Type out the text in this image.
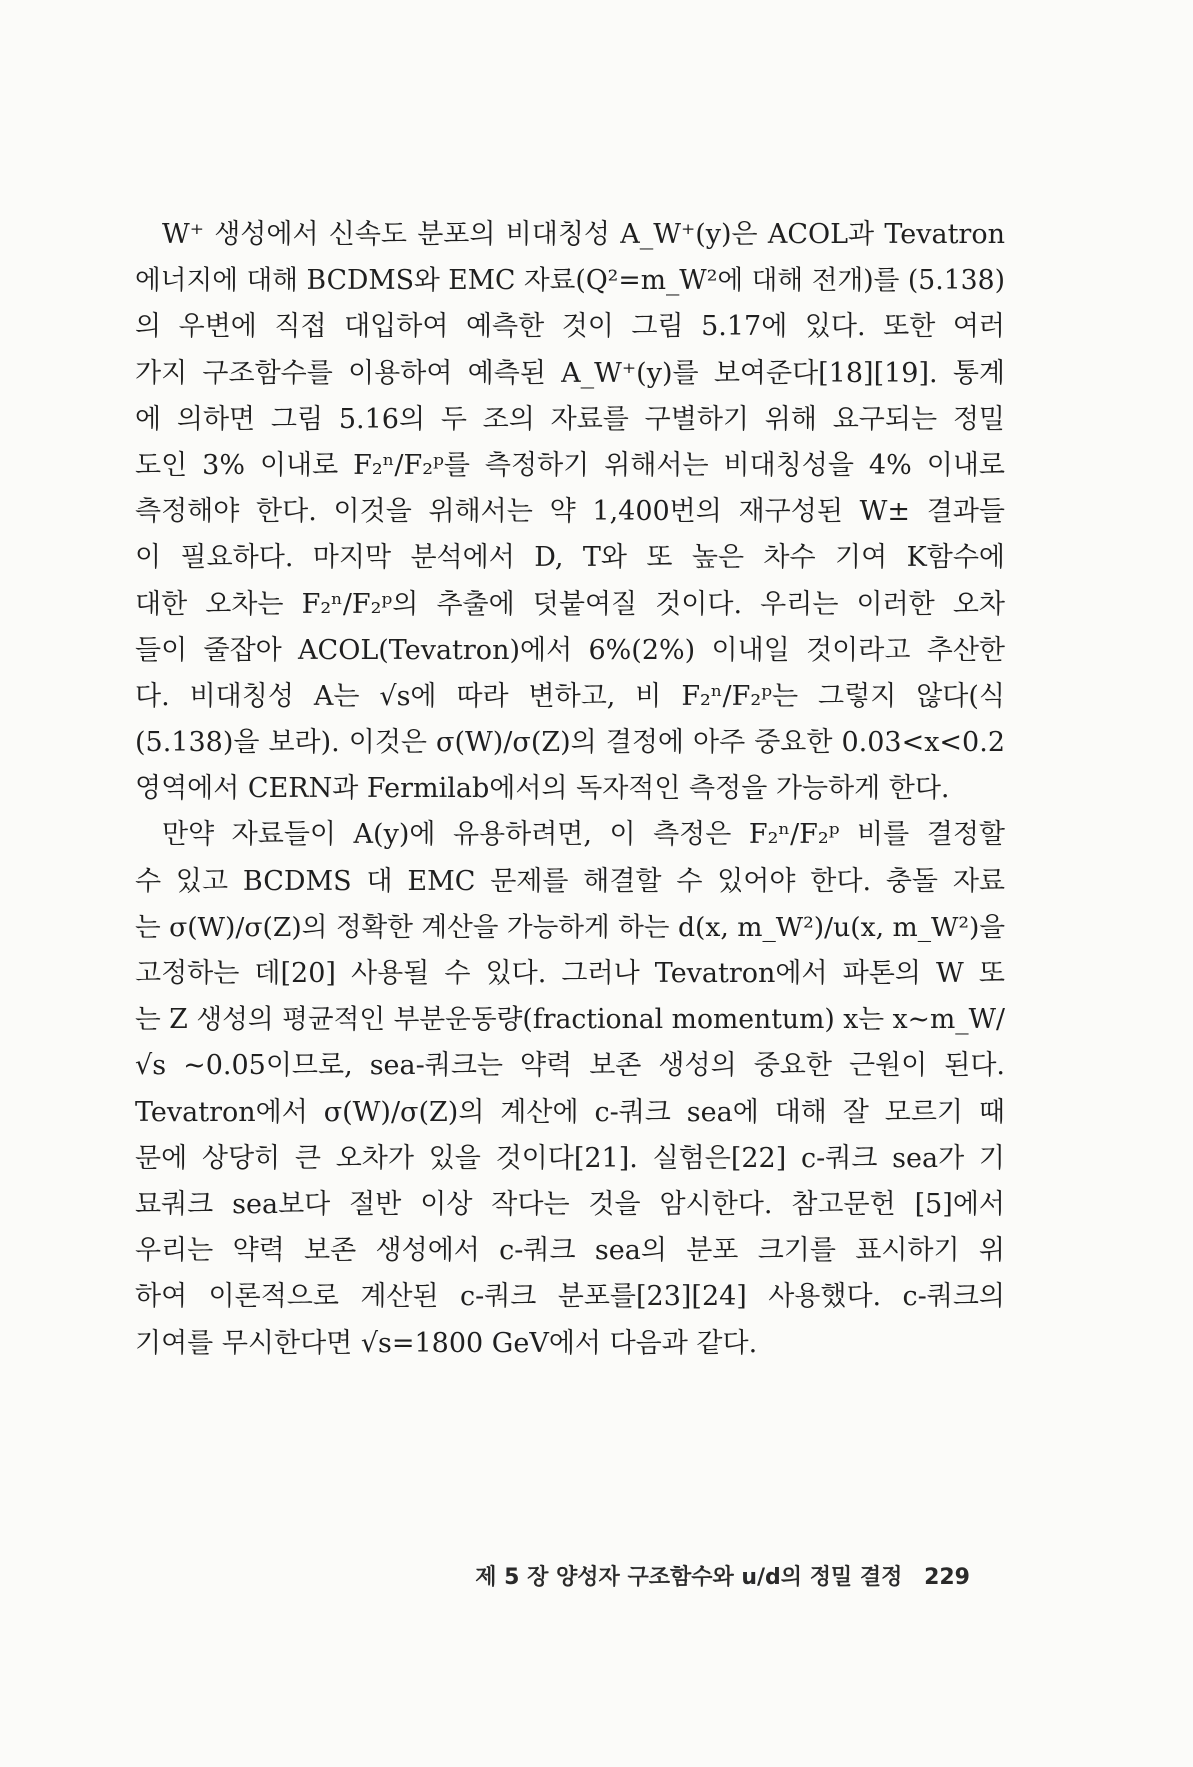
W⁺ 생성에서 신속도 분포의 비대칭성 A_W⁺(y)은 ACOL과 Tevatron
에너지에 대해 BCDMS와 EMC 자료(Q²=m_W²에 대해 전개)를 (5.138)
의 우변에 직접 대입하여 예측한 것이 그림 5.17에 있다. 또한 여러
가지 구조함수를 이용하여 예측된 A_W⁺(y)를 보여준다[18][19]. 통계
에 의하면 그림 5.16의 두 조의 자료를 구별하기 위해 요구되는 정밀
도인 3% 이내로 F₂ⁿ/F₂ᵖ를 측정하기 위해서는 비대칭성을 4% 이내로
측정해야 한다. 이것을 위해서는 약 1,400번의 재구성된 W± 결과들
이 필요하다. 마지막 분석에서 D, T와 또 높은 차수 기여 K함수에
대한 오차는 F₂ⁿ/F₂ᵖ의 추출에 덧붙여질 것이다. 우리는 이러한 오차
들이 줄잡아 ACOL(Tevatron)에서 6%(2%) 이내일 것이라고 추산한
다. 비대칭성 A는 √s에 따라 변하고, 비 F₂ⁿ/F₂ᵖ는 그렇지 않다(식
(5.138)을 보라). 이것은 σ(W)/σ(Z)의 결정에 아주 중요한 0.03<x<0.2
영역에서 CERN과 Fermilab에서의 독자적인 측정을 가능하게 한다.
만약 자료들이 A(y)에 유용하려면, 이 측정은 F₂ⁿ/F₂ᵖ 비를 결정할
수 있고 BCDMS 대 EMC 문제를 해결할 수 있어야 한다. 충돌 자료
는 σ(W)/σ(Z)의 정확한 계산을 가능하게 하는 d(x, m_W²)/u(x, m_W²)을
고정하는 데[20] 사용될 수 있다. 그러나 Tevatron에서 파톤의 W 또
는 Z 생성의 평균적인 부분운동량(fractional momentum) x는 x~m_W/
√s ~0.05이므로, sea-쿼크는 약력 보존 생성의 중요한 근원이 된다.
Tevatron에서 σ(W)/σ(Z)의 계산에 c-쿼크 sea에 대해 잘 모르기 때
문에 상당히 큰 오차가 있을 것이다[21]. 실험은[22] c-쿼크 sea가 기
묘쿼크 sea보다 절반 이상 작다는 것을 암시한다. 참고문헌 [5]에서
우리는 약력 보존 생성에서 c-쿼크 sea의 분포 크기를 표시하기 위
하여 이론적으로 계산된 c-쿼크 분포를[23][24] 사용했다. c-쿼크의
기여를 무시한다면 √s=1800 GeV에서 다음과 같다.
제 5 장 양성자 구조함수와 u/d의 정밀 결정 229
